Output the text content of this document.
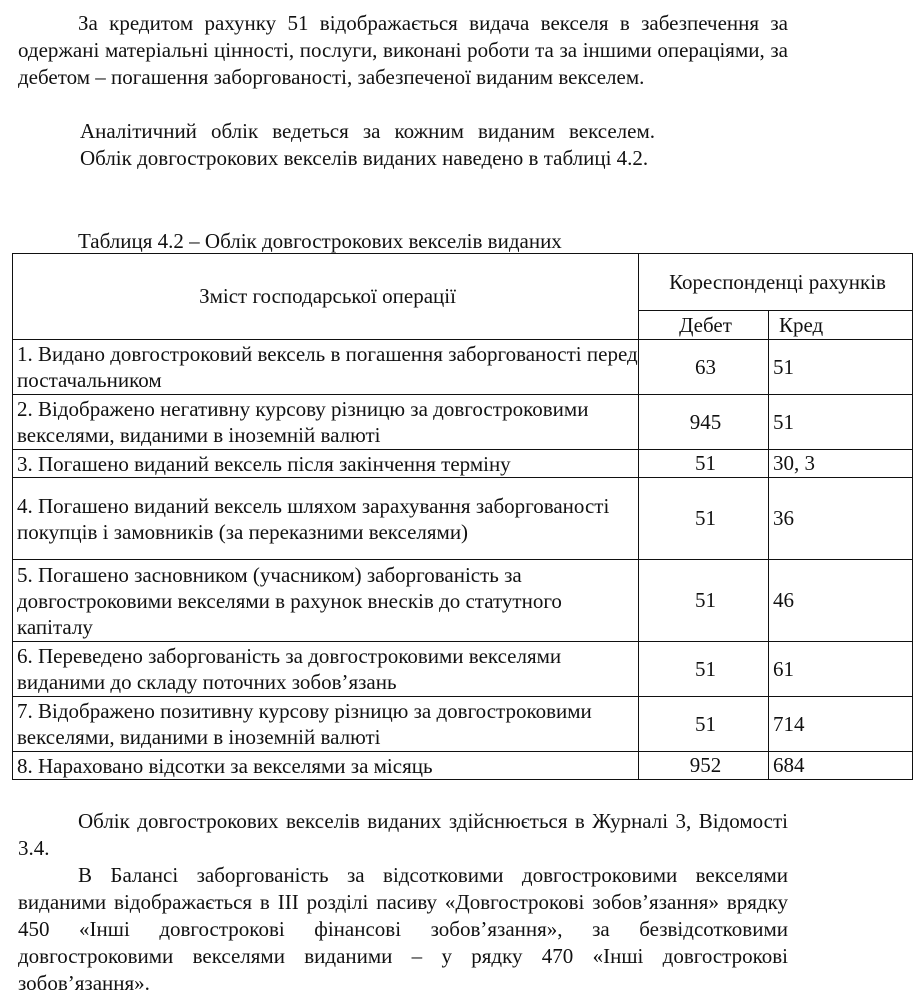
За кредитом рахунку 51 відображається видача векселя в забезпечення за одержані матеріальні цінності, послуги, виконані роботи та за іншими операціями, за дебетом – погашення заборгованості, забезпеченої виданим векселем.

Аналітичний облік ведеться за кожним виданим векселем. Облік довгострокових векселів виданих наведено в таблиці 4.2.

Таблиця 4.2 – Облік довгострокових векселів виданих
Зміст господарської операції	Кореспонденці рахунків	
	Дебет	Кред
1. Видано довгостроковий вексель в погашення заборгованості перед постачальником	63	51
2. Відображено негативну курсову різницю за довгостроковими векселями, виданими в іноземній валюті	945	51
3. Погашено виданий вексель після закінчення терміну	51	30, 3
4. Погашено виданий вексель шляхом зарахування заборгованості покупців і замовників (за переказними векселями)	51	36
5. Погашено засновником (учасником) заборгованість за довгостроковими векселями в рахунок внесків до статутного капіталу	51	46
6. Переведено заборгованість за довгостроковими векселями виданими до складу поточних зобов’язань	51	61
7. Відображено позитивну курсову різницю за довгостроковими векселями, виданими в іноземній валюті	51	714
8. Нараховано відсотки за векселями за місяць	952	684

Облік довгострокових векселів виданих здійснюється в Журналі 3, Відомості 3.4.

В Балансі заборгованість за відсотковими довгостроковими векселями виданими відображається в ІІІ розділі пасиву «Довгострокові зобов’язання» врядку 450 «Інші довгострокові фінансові зобов’язання», за безвідсотковими довгостроковими векселями виданими – у рядку 470 «Інші довгострокові зобов’язання».
